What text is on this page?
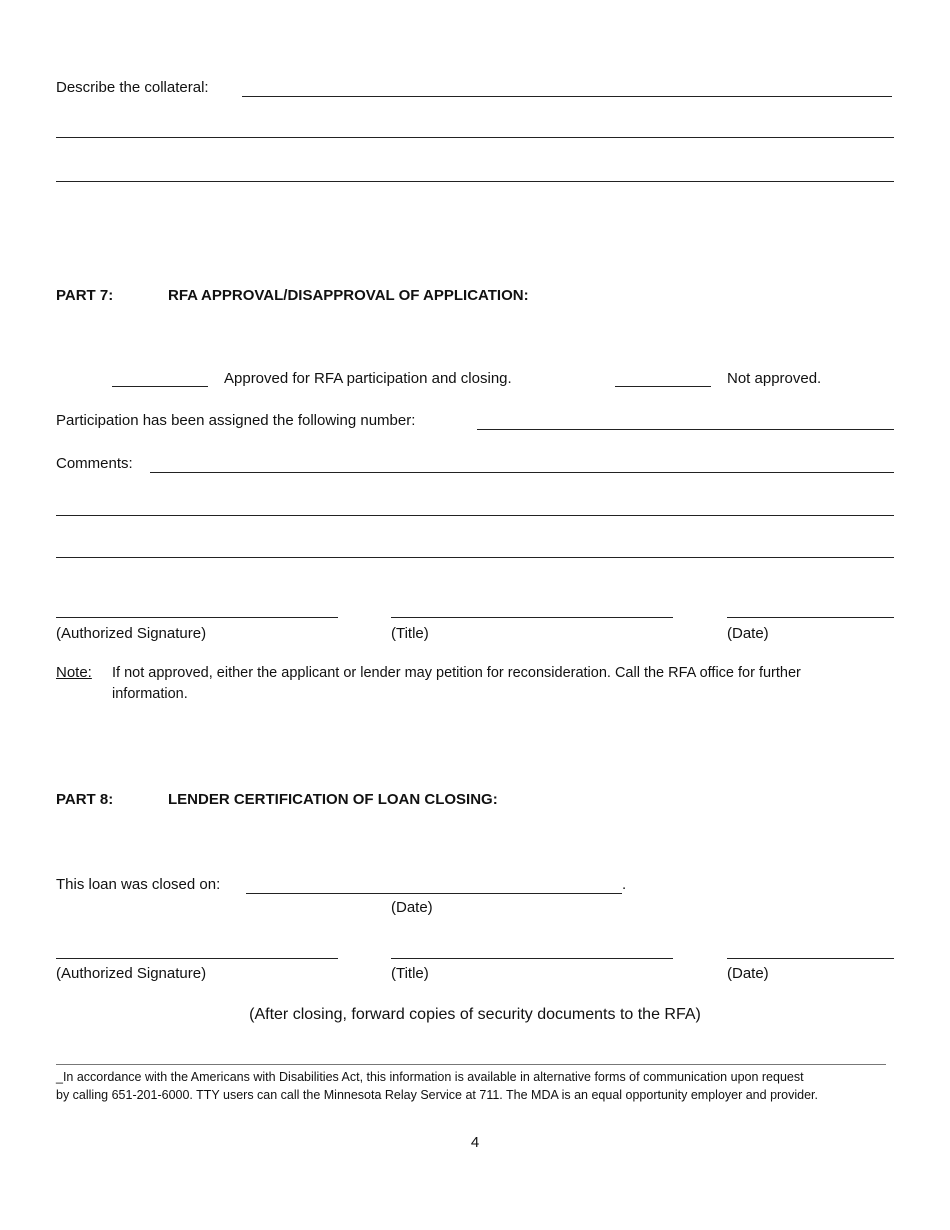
Describe the collateral:
PART 7:	RFA APPROVAL/DISAPPROVAL OF APPLICATION:
Approved for RFA participation and closing.	Not approved.
Participation has been assigned the following number:
Comments:
(Authorized Signature)	(Title)	(Date)
Note: If not approved, either the applicant or lender may petition for reconsideration. Call the RFA office for further
information.
PART 8:	LENDER CERTIFICATION OF LOAN CLOSING:
This loan was closed on:	.
(Date)
(Authorized Signature)	(Title)	(Date)
(After closing, forward copies of security documents to the RFA)
_In accordance with the Americans with Disabilities Act, this information is available in alternative forms of communication upon request
by calling 651-201-6000. TTY users can call the Minnesota Relay Service at 711. The MDA is an equal opportunity employer and provider.
4
